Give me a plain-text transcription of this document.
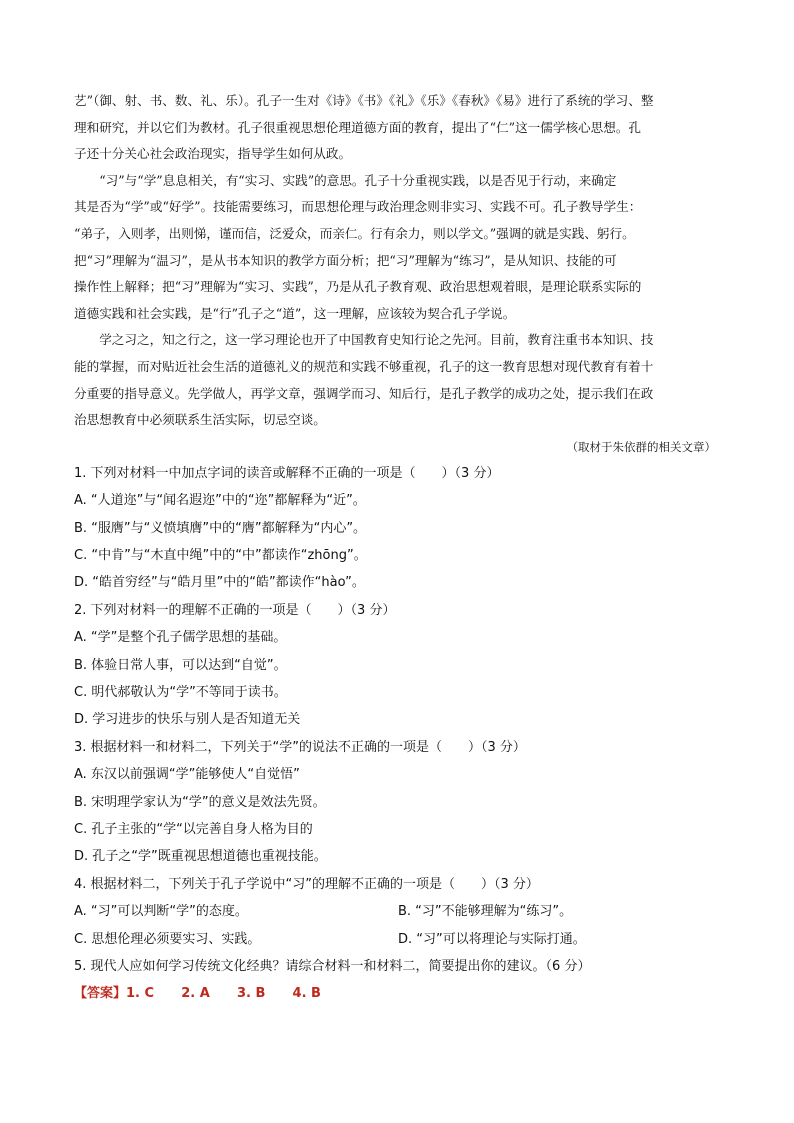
艺”（御、射、书、数、礼、乐）。孔子一生对《诗》《书》《礼》《乐》《春秋》《易》进行了系统的学习、整
理和研究，并以它们为教材。孔子很重视思想伦理道德方面的教育，提出了“仁”这一儒学核心思想。孔
子还十分关心社会政治现实，指导学生如何从政。

“习”与“学”息息相关，有“实习、实践”的意思。孔子十分重视实践，以是否见于行动，来确定
其是否为“学”或“好学”。技能需要练习，而思想伦理与政治理念则非实习、实践不可。孔子教导学生：
“弟子，入则孝，出则悌，谨而信，泛爱众，而亲仁。行有余力，则以学文。”强调的就是实践、躬行。
把“习”理解为“温习”，是从书本知识的教学方面分析；把“习”理解为“练习”，是从知识、技能的可
操作性上解释；把“习”理解为“实习、实践”，乃是从孔子教育观、政治思想观着眼，是理论联系实际的
道德实践和社会实践，是“行”孔子之“道”，这一理解，应该较为契合孔子学说。

学之习之，知之行之，这一学习理论也开了中国教育史知行论之先河。目前，教育注重书本知识、技
能的掌握，而对贴近社会生活的道德礼义的规范和实践不够重视，孔子的这一教育思想对现代教育有着十
分重要的指导意义。先学做人，再学文章，强调学而习、知后行，是孔子教学的成功之处，提示我们在政
治思想教育中必须联系生活实际，切忌空谈。

（取材于朱依群的相关文章）

1. 下列对材料一中加点字词的读音或解释不正确的一项是（　　）（3 分）

A. “人道迩”与“闻名遐迩”中的“迩”都解释为“近”。

B. “服膺”与“义愤填膺”中的“膺”都解释为“内心”。

C. “中肯”与“木直中绳”中的“中”都读作“zhōng”。

D. “皓首穷经”与“皓月里”中的“皓”都读作“hào”。

2. 下列对材料一的理解不正确的一项是（　　）（3 分）

A. “学”是整个孔子儒学思想的基础。

B. 体验日常人事，可以达到“自觉”。

C. 明代郝敬认为“学”不等同于读书。

D. 学习进步的快乐与别人是否知道无关

3. 根据材料一和材料二，下列关于“学”的说法不正确的一项是（　　）（3 分）

A. 东汉以前强调“学”能够使人“自觉悟”

B. 宋明理学家认为“学”的意义是效法先贤。

C. 孔子主张的“学“以完善自身人格为目的

D. 孔子之“学”既重视思想道德也重视技能。

4. 根据材料二，下列关于孔子学说中“习”的理解不正确的一项是（　　）（3 分）

A. “习”可以判断“学”的态度。	B. “习”不能够理解为“练习”。

C. 思想伦理必须要实习、实践。	D. “习”可以将理论与实际打通。

5. 现代人应如何学习传统文化经典？请综合材料一和材料二，简要提出你的建议。（6 分）

【答案】1. C      2. A      3. B      4. B
